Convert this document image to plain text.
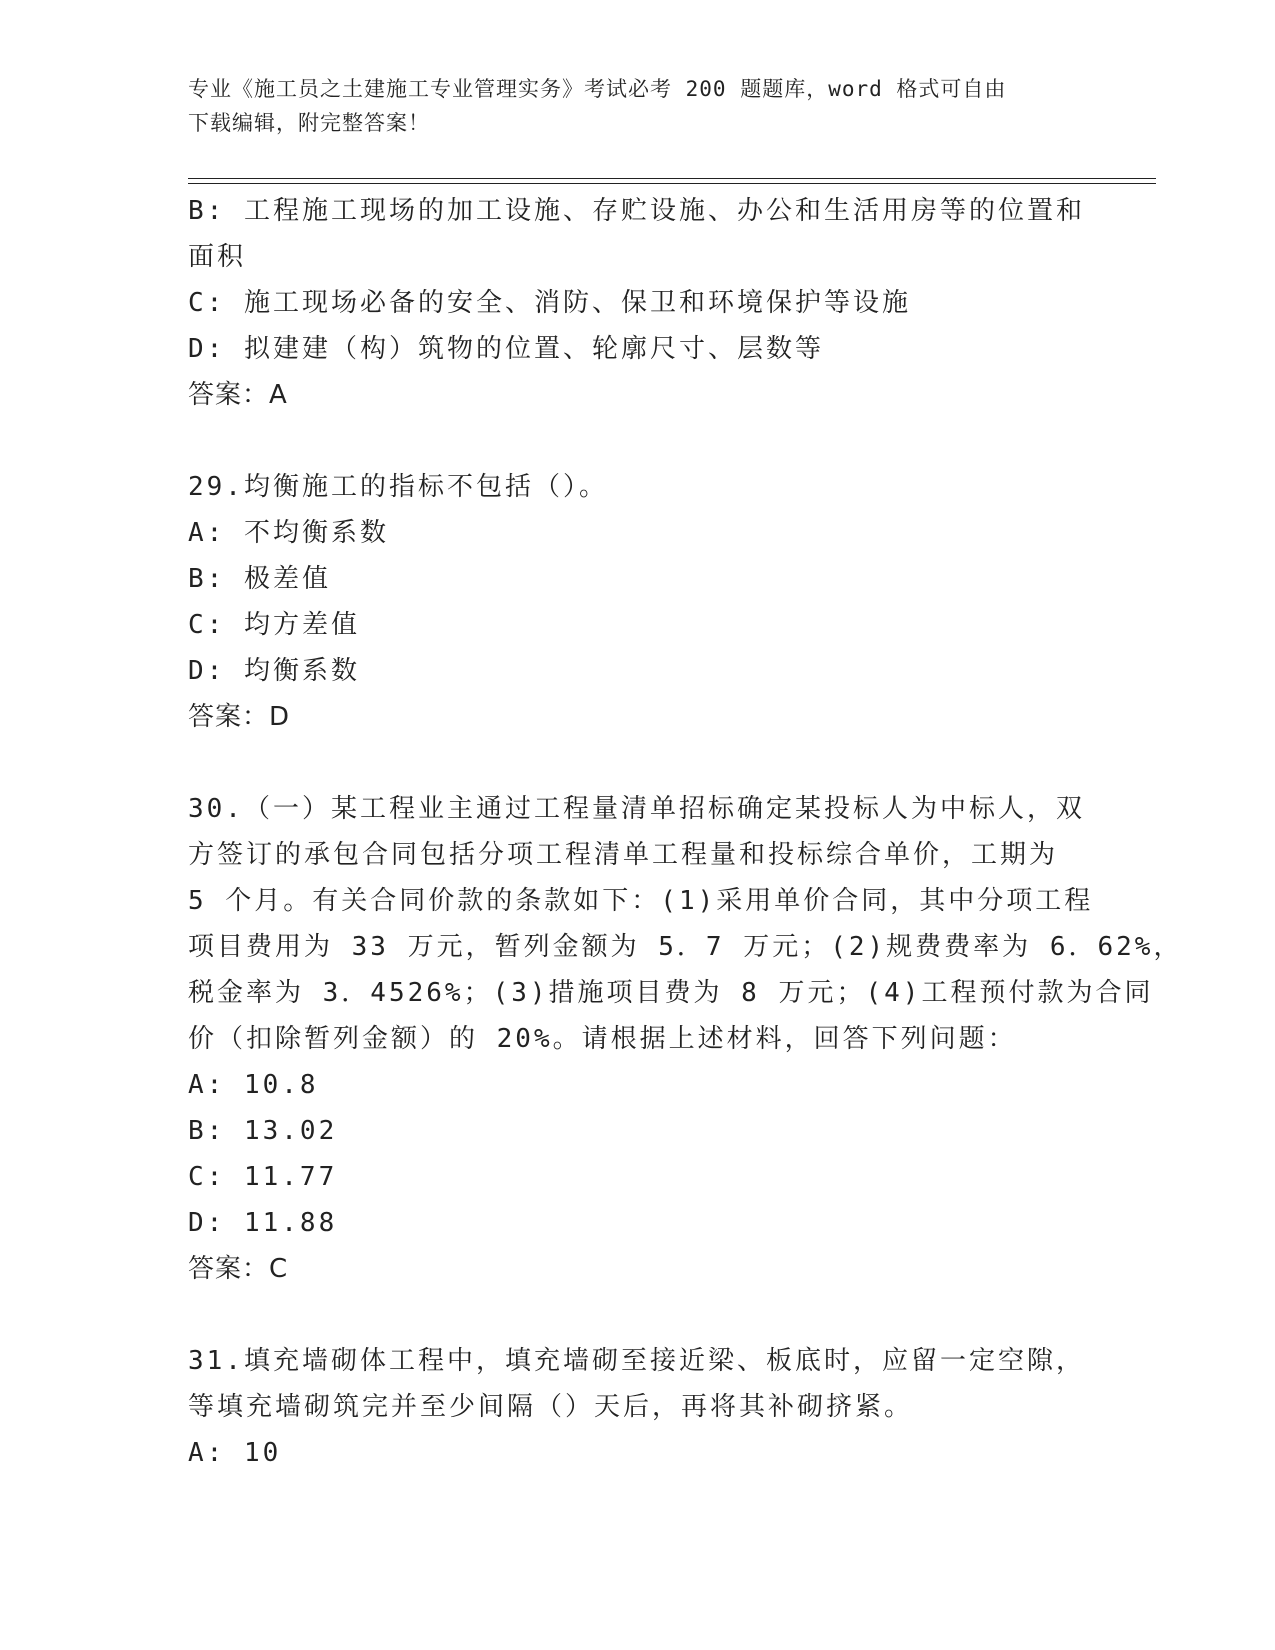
专业《施工员之土建施工专业管理实务》考试必考 200 题题库，word 格式可自由
下载编辑，附完整答案！
B: 工程施工现场的加工设施、存贮设施、办公和生活用房等的位置和
面积
C: 施工现场必备的安全、消防、保卫和环境保护等设施
D: 拟建建（构）筑物的位置、轮廓尺寸、层数等
答案：A
29.均衡施工的指标不包括（）。
A: 不均衡系数
B: 极差值
C: 均方差值
D: 均衡系数
答案：D
30.（一）某工程业主通过工程量清单招标确定某投标人为中标人，双
方签订的承包合同包括分项工程清单工程量和投标综合单价，工期为
5 个月。有关合同价款的条款如下：(1)采用单价合同，其中分项工程
项目费用为 33 万元，暂列金额为 5．7 万元；(2)规费费率为 6．62%，
税金率为 3．4526%；(3)措施项目费为 8 万元；(4)工程预付款为合同
价（扣除暂列金额）的 20%。请根据上述材料，回答下列问题：
A: 10.8
B: 13.02
C: 11.77
D: 11.88
答案：C
31.填充墙砌体工程中，填充墙砌至接近梁、板底时，应留一定空隙，
等填充墙砌筑完并至少间隔（）天后，再将其补砌挤紧。
A: 10
